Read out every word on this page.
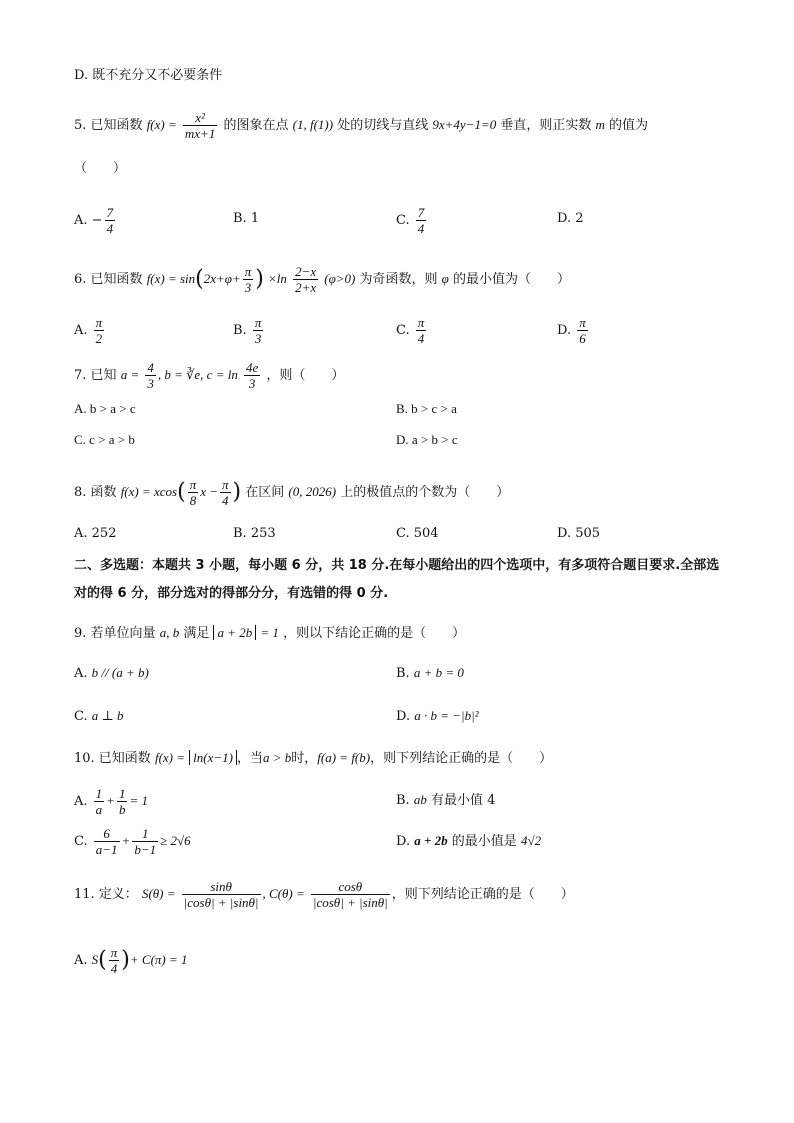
D. 既不充分又不必要条件
5. 已知函数 $f(x) = \frac{\text{x²}}{mx+1}$ 的图象在点 (1, f(1)) 处的切线与直线 9x+4y−1=0 垂直，则正实数 m 的值为
（　　）
A. − $\frac{7}{4}$	B. 1	C. $\frac{7}{4}$	D. 2
6. 已知函数 $f(x) = \sin(2x+\varphi+ \frac{\pi}{3}$ ) $\times\ln \frac{2-x}{2+x} (\varphi>0)$ 为奇函数，则 φ 的最小值为（　　）
A. $\frac{\pi}{2}$	B. $\frac{\pi}{3}$	C. $\frac{\pi}{4}$	D. $\frac{\pi}{6}$
7. 已知 $a = \frac{4}{3}$ , b = ∛e, $c = \ln \frac{4e}{3}$ ，则（　　）
A. b > a > c	B. b > c > a
C. c > a > b	D. a > b > c
8. 函数 $f(x) = xcos( \frac{\pi}{8}$ $x - \frac{\pi}{4}$ ) 在区间 (0, 2026) 上的极值点的个数为（　　）
A. 252	B. 253	C. 504	D. 505
二、多选题：本题共 3 小题，每小题 6 分，共 18 分.在每小题给出的四个选项中，有多项符合题目要求.全部选对的得 6 分，部分选对的得部分分，有选错的得 0 分.
9. 若单位向量 a, b 满足 a + 2b = 1 ，则以下结论正确的是（　　）
A. b // (a + b)	B. a + b = 0
C. a ⊥ b	D. a · b = −|b|²
10. 已知函数 f(x) = ln(x−1) ，当a > b时，f(a) = f(b)，则下列结论正确的是（　　）
A. $\frac{1}{a} + \frac{1}{b} = 1$	B. ab 有最小值 4
C. $\frac{6}{a-1} + \frac{1}{b-1} \ge 2√6$	D. a + 2b 的最小值是 4√2
11. 定义： $S(\theta) = \frac{\sin\theta}{|\cos\theta| + |\sin\theta|}$ , $C(\theta) = \frac{\cos\theta}{|\cos\theta| + |\sin\theta|}$ ，则下列结论正确的是（　　）
A. $S( \frac{\pi}{4}$ )+ C(π) = 1
